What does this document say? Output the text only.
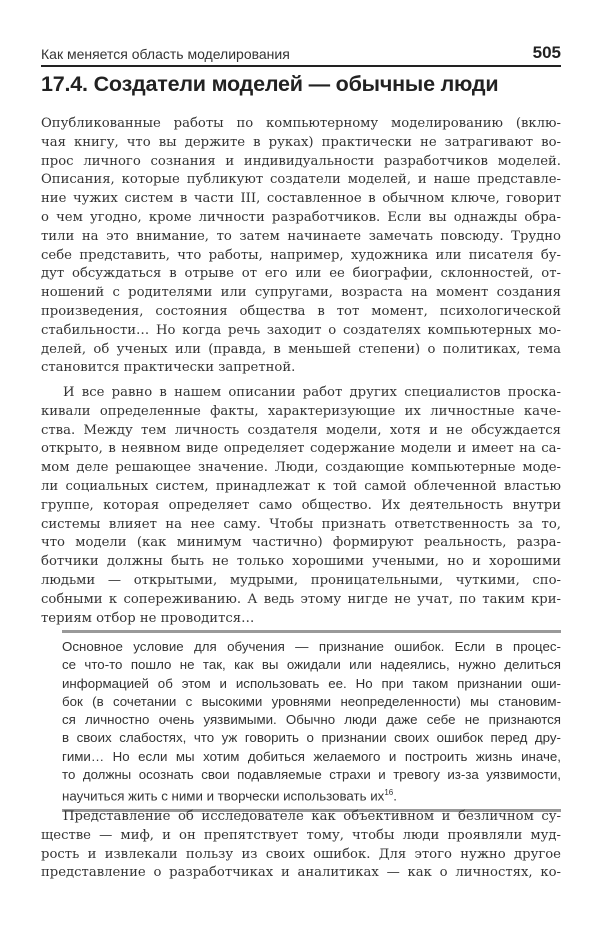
Как меняется область моделирования	505
17.4. Создатели моделей — обычные люди
Опубликованные работы по компьютерному моделированию (вклю-
чая книгу, что вы держите в руках) практически не затрагивают во-
прос личного сознания и индивидуальности разработчиков моделей.
Описания, которые публикуют создатели моделей, и наше представле-
ние чужих систем в части III, составленное в обычном ключе, говорит
о чем угодно, кроме личности разработчиков. Если вы однажды обра-
тили на это внимание, то затем начинаете замечать повсюду. Трудно
себе представить, что работы, например, художника или писателя бу-
дут обсуждаться в отрыве от его или ее биографии, склонностей, от-
ношений с родителями или супругами, возраста на момент создания
произведения, состояния общества в тот момент, психологической
стабильности… Но когда речь заходит о создателях компьютерных мо-
делей, об ученых или (правда, в меньшей степени) о политиках, тема
становится практически запретной.
И все равно в нашем описании работ других специалистов проска-
кивали определенные факты, характеризующие их личностные каче-
ства. Между тем личность создателя модели, хотя и не обсуждается
открыто, в неявном виде определяет содержание модели и имеет на са-
мом деле решающее значение. Люди, создающие компьютерные моде-
ли социальных систем, принадлежат к той самой облеченной властью
группе, которая определяет само общество. Их деятельность внутри
системы влияет на нее саму. Чтобы признать ответственность за то,
что модели (как минимум частично) формируют реальность, разра-
ботчики должны быть не только хорошими учеными, но и хорошими
людьми — открытыми, мудрыми, проницательными, чуткими, спо-
собными к сопереживанию. А ведь этому нигде не учат, по таким кри-
териям отбор не проводится…
Основное условие для обучения — признание ошибок. Если в процес-
се что-то пошло не так, как вы ожидали или надеялись, нужно делиться
информацией об этом и использовать ее. Но при таком признании оши-
бок (в сочетании с высокими уровнями неопределенности) мы становим-
ся личностно очень уязвимыми. Обычно люди даже себе не признаются
в своих слабостях, что уж говорить о признании своих ошибок перед дру-
гими… Но если мы хотим добиться желаемого и построить жизнь иначе,
то должны осознать свои подавляемые страхи и тревогу из-за уязвимости,
научиться жить с ними и творчески использовать $их^{16}$.
Представление об исследователе как объективном и безличном су-
ществе — миф, и он препятствует тому, чтобы люди проявляли муд-
рость и извлекали пользу из своих ошибок. Для этого нужно другое
представление о разработчиках и аналитиках — как о личностях, ко-
